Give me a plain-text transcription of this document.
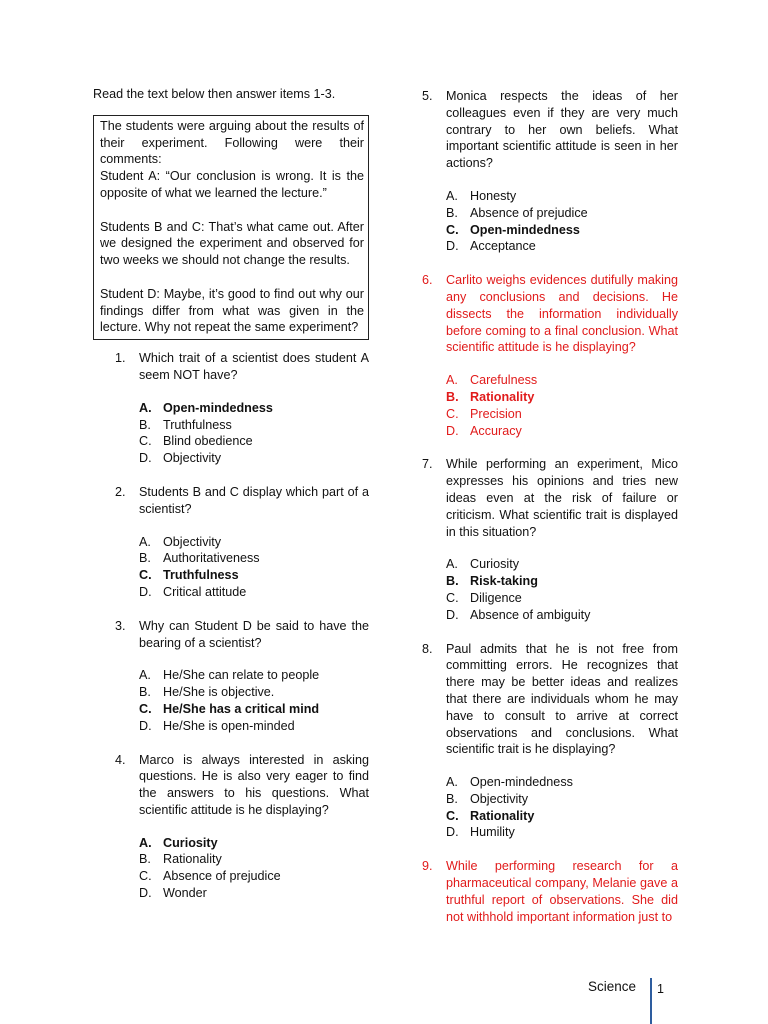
Read the text below then answer items 1-3.

The students were arguing about the results of their experiment. Following were their comments:

Student A: “Our conclusion is wrong. It is the opposite of what we learned the lecture.”

Students B and C: That’s what came out. After we designed the experiment and observed for two weeks we should not change the results.

Student D: Maybe, it’s good to find out why our findings differ from what was given in the lecture. Why not repeat the same experiment?

1.	Which trait of a scientist does student A seem NOT have?
A. Open-mindedness
B. Truthfulness
C. Blind obedience
D. Objectivity
2.	Students B and C display which part of a scientist?
A. Objectivity
B. Authoritativeness
C. Truthfulness
D. Critical attitude
3.	Why can Student D be said to have the bearing of a scientist?
A. He/She can relate to people
B. He/She is objective.
C. He/She has a critical mind
D. He/She is open-minded
4.	Marco is always interested in asking questions. He is also very eager to find the answers to his questions. What scientific attitude is he displaying?
A. Curiosity
B. Rationality
C. Absence of prejudice
D. Wonder
5.	Monica respects the ideas of her colleagues even if they are very much contrary to her own beliefs. What important scientific attitude is seen in her actions?
A. Honesty
B. Absence of prejudice
C. Open-mindedness
D. Acceptance
6.	Carlito weighs evidences dutifully making any conclusions and decisions. He dissects the information individually before coming to a final conclusion. What scientific attitude is he displaying?
A. Carefulness
B. Rationality
C. Precision
D. Accuracy
7.	While performing an experiment, Mico expresses his opinions and tries new ideas even at the risk of failure or criticism. What scientific trait is displayed in this situation?
A. Curiosity
B. Risk-taking
C. Diligence
D. Absence of ambiguity
8.	Paul admits that he is not free from committing errors. He recognizes that there may be better ideas and realizes that there are individuals whom he may have to consult to arrive at correct observations and conclusions. What scientific trait is he displaying?
A. Open-mindedness
B. Objectivity
C. Rationality
D. Humility
9.	While performing research for a pharmaceutical company, Melanie gave a truthful report of observations. She did not withhold important information just to
Science 1
